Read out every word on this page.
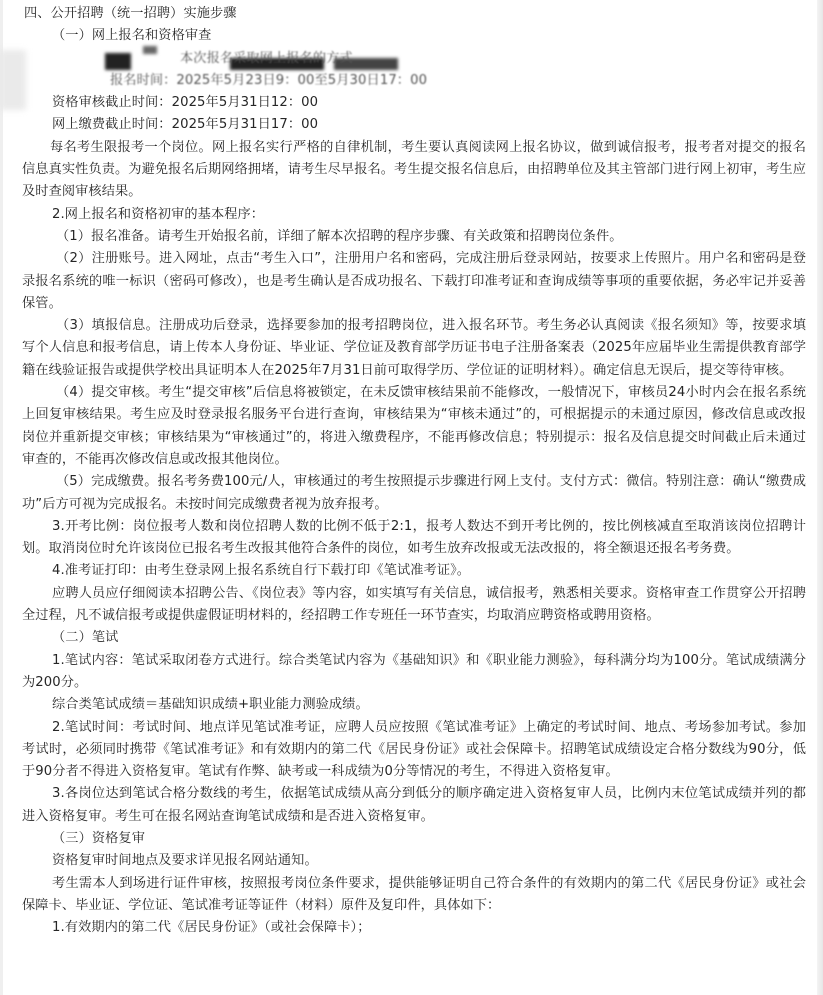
四、公开招聘（统一招聘）实施步骤

（一）网上报名和资格审查

本次报名采取网上报名的方式

报名时间：2025年5月23日9：00至5月30日17：00

资格审核截止时间：2025年5月31日12：00

网上缴费截止时间：2025年5月31日17：00

每名考生限报考一个岗位。网上报名实行严格的自律机制，考生要认真阅读网上报名协议，做到诚信报考，报考者对提交的报名信息真实性负责。为避免报名后期网络拥堵，请考生尽早报名。考生提交报名信息后，由招聘单位及其主管部门进行网上初审，考生应及时查阅审核结果。

2.网上报名和资格初审的基本程序：

（1）报名准备。请考生开始报名前，详细了解本次招聘的程序步骤、有关政策和招聘岗位条件。

（2）注册账号。进入网址，点击“考生入口”，注册用户名和密码，完成注册后登录网站，按要求上传照片。用户名和密码是登录报名系统的唯一标识（密码可修改），也是考生确认是否成功报名、下载打印准考证和查询成绩等事项的重要依据，务必牢记并妥善保管。

（3）填报信息。注册成功后登录，选择要参加的报考招聘岗位，进入报名环节。考生务必认真阅读《报名须知》等，按要求填写个人信息和报考信息，请上传本人身份证、毕业证、学位证及教育部学历证书电子注册备案表（2025年应届毕业生需提供教育部学籍在线验证报告或提供学校出具证明本人在2025年7月31日前可取得学历、学位证的证明材料）。确定信息无误后，提交等待审核。

（4）提交审核。考生“提交审核”后信息将被锁定，在未反馈审核结果前不能修改，一般情况下，审核员24小时内会在报名系统上回复审核结果。考生应及时登录报名服务平台进行查询，审核结果为“审核未通过”的，可根据提示的未通过原因，修改信息或改报岗位并重新提交审核；审核结果为“审核通过”的，将进入缴费程序，不能再修改信息；特别提示：报名及信息提交时间截止后未通过审查的，不能再次修改信息或改报其他岗位。

（5）完成缴费。报名考务费100元/人，审核通过的考生按照提示步骤进行网上支付。支付方式：微信。特别注意：确认“缴费成功”后方可视为完成报名。未按时间完成缴费者视为放弃报考。

3.开考比例：岗位报考人数和岗位招聘人数的比例不低于2:1，报考人数达不到开考比例的，按比例核减直至取消该岗位招聘计划。取消岗位时允许该岗位已报名考生改报其他符合条件的岗位，如考生放弃改报或无法改报的，将全额退还报名考务费。

4.准考证打印：由考生登录网上报名系统自行下载打印《笔试准考证》。

应聘人员应仔细阅读本招聘公告、《岗位表》等内容，如实填写有关信息，诚信报考，熟悉相关要求。资格审查工作贯穿公开招聘全过程，凡不诚信报考或提供虚假证明材料的，经招聘工作专班任一环节查实，均取消应聘资格或聘用资格。

（二）笔试

1.笔试内容：笔试采取闭卷方式进行。综合类笔试内容为《基础知识》和《职业能力测验》，每科满分均为100分。笔试成绩满分为200分。

综合类笔试成绩＝基础知识成绩+职业能力测验成绩。

2.笔试时间：考试时间、地点详见笔试准考证，应聘人员应按照《笔试准考证》上确定的考试时间、地点、考场参加考试。参加考试时，必须同时携带《笔试准考证》和有效期内的第二代《居民身份证》或社会保障卡。招聘笔试成绩设定合格分数线为90分，低于90分者不得进入资格复审。笔试有作弊、缺考或一科成绩为0分等情况的考生，不得进入资格复审。

3.各岗位达到笔试合格分数线的考生，依据笔试成绩从高分到低分的顺序确定进入资格复审人员，比例内末位笔试成绩并列的都进入资格复审。考生可在报名网站查询笔试成绩和是否进入资格复审。

（三）资格复审

资格复审时间地点及要求详见报名网站通知。

考生需本人到场进行证件审核，按照报考岗位条件要求，提供能够证明自己符合条件的有效期内的第二代《居民身份证》或社会保障卡、毕业证、学位证、笔试准考证等证件（材料）原件及复印件，具体如下：

1.有效期内的第二代《居民身份证》（或社会保障卡）；
